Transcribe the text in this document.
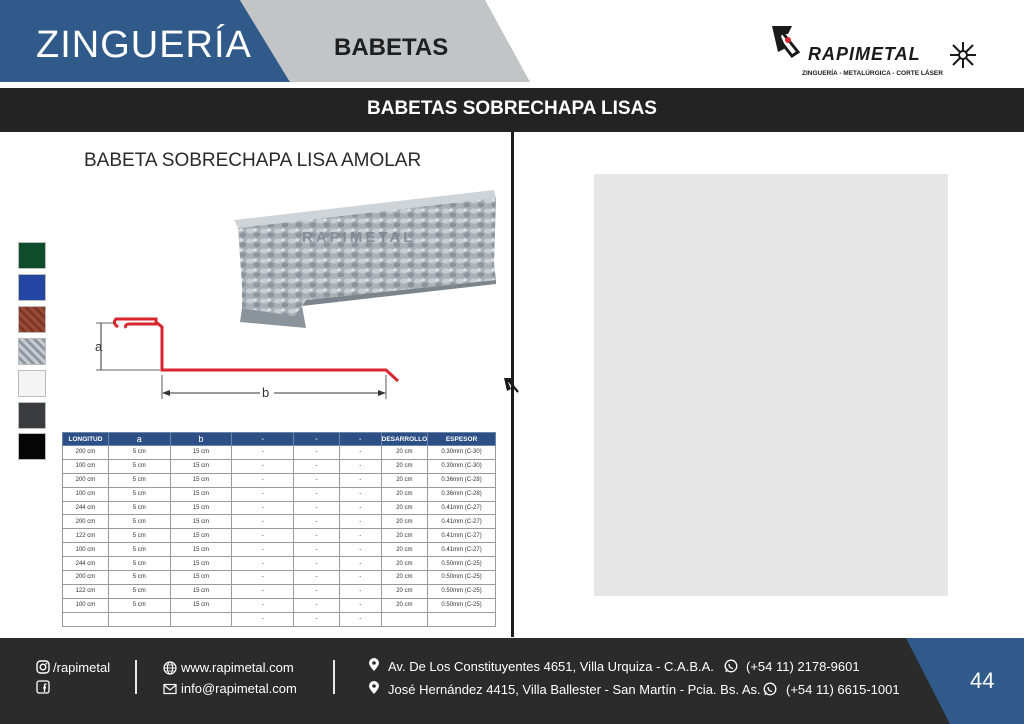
ZINGUERÍA	BABETAS	RAPIMETAL
ZINGUERÍA - METALÚRGICA - CORTE LÁSER
BABETAS SOBRECHAPA LISAS
BABETA SOBRECHAPA LISA AMOLAR
RAPIMETAL
a
b
LONGITUD	a	b	-	-	-	DESARROLLO	ESPESOR
200 cm	5 cm	15 cm	-	-	-	20 cm	0.30mm (C-30)
100 cm	5 cm	15 cm	-	-	-	20 cm	0.30mm (C-30)
200 cm	5 cm	15 cm	-	-	-	20 cm	0.36mm (C-28)
100 cm	5 cm	15 cm	-	-	-	20 cm	0.36mm (C-28)
244 cm	5 cm	15 cm	-	-	-	20 cm	0.41mm (C-27)
200 cm	5 cm	15 cm	-	-	-	20 cm	0.41mm (C-27)
122 cm	5 cm	15 cm	-	-	-	20 cm	0.41mm (C-27)
100 cm	5 cm	15 cm	-	-	-	20 cm	0.41mm (C-27)
244 cm	5 cm	15 cm	-	-	-	20 cm	0.50mm (C-25)
200 cm	5 cm	15 cm	-	-	-	20 cm	0.50mm (C-25)
122 cm	5 cm	15 cm	-	-	-	20 cm	0.50mm (C-25)
100 cm	5 cm	15 cm	-	-	-	20 cm	0.50mm (C-25)
			-	-	-		
44
/rapimetal	www.rapimetal.com
info@rapimetal.com
Av. De Los Constituyentes 4651, Villa Urquiza - C.A.B.A. (+54 11) 2178-9601
José Hernández 4415, Villa Ballester - San Martín - Pcia. Bs. As. (+54 11) 6615-1001
